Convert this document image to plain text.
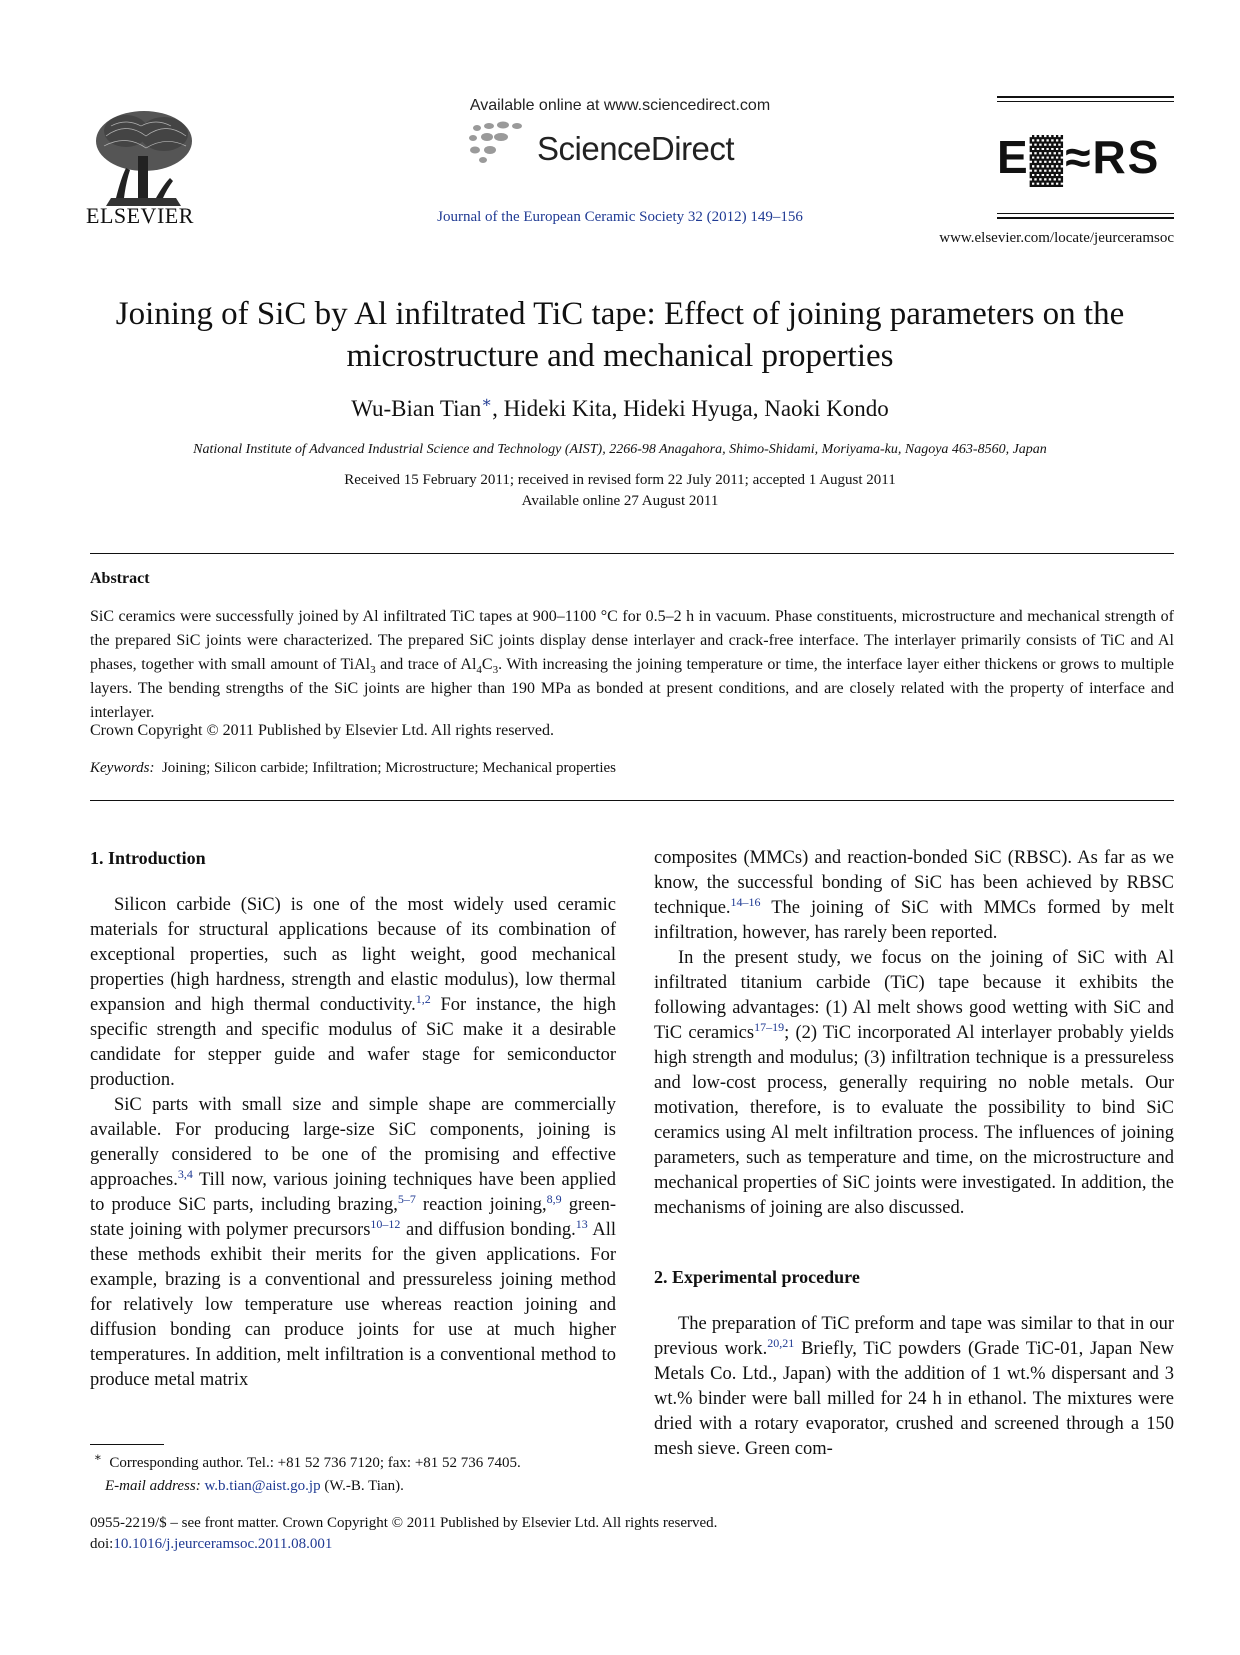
ELSEVIER
Available online at www.sciencedirect.com
ScienceDirect
Journal of the European Ceramic Society 32 (2012) 149–156
E▓≈RS
www.elsevier.com/locate/jeurceramsoc
Joining of SiC by Al infiltrated TiC tape: Effect of joining parameters on the microstructure and mechanical properties
Wu-Bian Tian∗, Hideki Kita, Hideki Hyuga, Naoki Kondo
National Institute of Advanced Industrial Science and Technology (AIST), 2266-98 Anagahora, Shimo-Shidami, Moriyama-ku, Nagoya 463-8560, Japan
Received 15 February 2011; received in revised form 22 July 2011; accepted 1 August 2011
Available online 27 August 2011
Abstract
SiC ceramics were successfully joined by Al infiltrated TiC tapes at 900–1100 °C for 0.5–2 h in vacuum. Phase constituents, microstructure and mechanical strength of the prepared SiC joints were characterized. The prepared SiC joints display dense interlayer and crack-free interface. The interlayer primarily consists of TiC and Al phases, together with small amount of TiAl$_3$ and trace of $Al_4C_3$. With increasing the joining temperature or time, the interface layer either thickens or grows to multiple layers. The bending strengths of the SiC joints are higher than 190 MPa as bonded at present conditions, and are closely related with the property of interface and interlayer.
Crown Copyright © 2011 Published by Elsevier Ltd. All rights reserved.
Keywords: Joining; Silicon carbide; Infiltration; Microstructure; Mechanical properties
1. Introduction

Silicon carbide (SiC) is one of the most widely used ceramic materials for structural applications because of its combination of exceptional properties, such as light weight, good mechanical properties (high hardness, strength and elastic modulus), low thermal expansion and high thermal conductivity.$^{1,2}$ For instance, the high specific strength and specific modulus of SiC make it a desirable candidate for stepper guide and wafer stage for semiconductor production.

SiC parts with small size and simple shape are commercially available. For producing large-size SiC components, joining is generally considered to be one of the promising and effective approaches.$^{3,4}$ Till now, various joining techniques have been applied to produce SiC parts, including brazing,$^{5-7}$ reaction joining,$^{8,9}$ green-state joining with polymer precursors$^{10-12}$ and diffusion bonding.$^{13}$ All these methods exhibit their merits for the given applications. For example, brazing is a conventional and pressureless joining method for relatively low temperature use whereas reaction joining and diffusion bonding can produce joints for use at much higher temperatures. In addition, melt infiltration is a conventional method to produce metal matrix

composites (MMCs) and reaction-bonded SiC (RBSC). As far as we know, the successful bonding of SiC has been achieved by RBSC technique.$^{14-16}$ The joining of SiC with MMCs formed by melt infiltration, however, has rarely been reported.

In the present study, we focus on the joining of SiC with Al infiltrated titanium carbide (TiC) tape because it exhibits the following advantages: (1) Al melt shows good wetting with SiC and TiC ceramics$^{17-19}$; (2) TiC incorporated Al interlayer probably yields high strength and modulus; (3) infiltration technique is a pressureless and low-cost process, generally requiring no noble metals. Our motivation, therefore, is to evaluate the possibility to bind SiC ceramics using Al melt infiltration process. The influences of joining parameters, such as temperature and time, on the microstructure and mechanical properties of SiC joints were investigated. In addition, the mechanisms of joining are also discussed.

2. Experimental procedure

The preparation of TiC preform and tape was similar to that in our previous work.$^{20,21}$ Briefly, TiC powders (Grade TiC-01, Japan New Metals Co. Ltd., Japan) with the addition of 1 wt.% dispersant and 3 wt.% binder were ball milled for 24 h in ethanol. The mixtures were dried with a rotary evaporator, crushed and screened through a 150 mesh sieve. Green com-

∗ Corresponding author. Tel.: +81 52 736 7120; fax: +81 52 736 7405.
E-mail address: w.b.tian@aist.go.jp (W.-B. Tian).
0955-2219/$ – see front matter. Crown Copyright © 2011 Published by Elsevier Ltd. All rights reserved.
doi:10.1016/j.jeurceramsoc.2011.08.001
